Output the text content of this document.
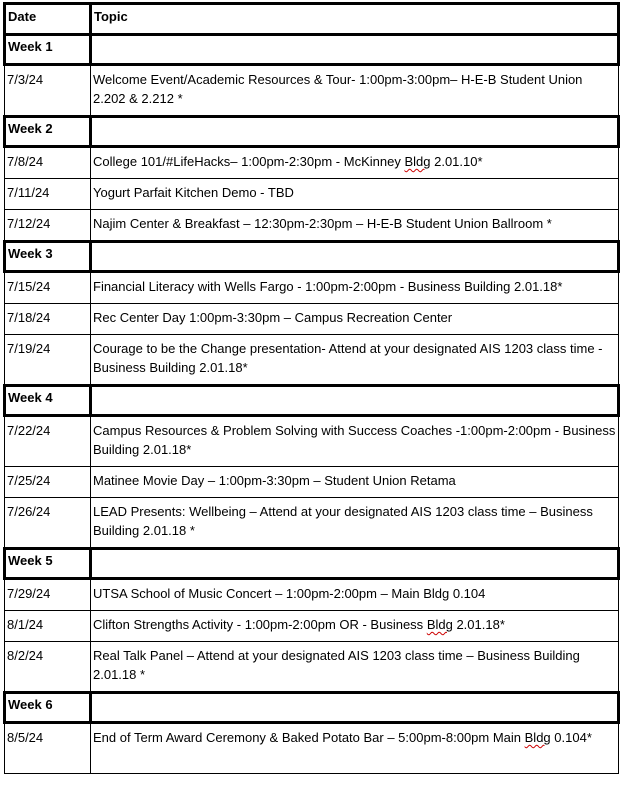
Date	Topic
Week 1	
7/3/24	Welcome Event/Academic Resources & Tour- 1:00pm-3:00pm– H-E-B Student Union 2.202 & 2.212 *
Week 2	
7/8/24	College 101/#LifeHacks– 1:00pm-2:30pm - McKinney Bldg 2.01.10*
7/11/24	Yogurt Parfait Kitchen Demo - TBD
7/12/24	Najim Center & Breakfast – 12:30pm-2:30pm – H-E-B Student Union Ballroom *
Week 3	
7/15/24	Financial Literacy with Wells Fargo - 1:00pm-2:00pm - Business Building 2.01.18*
7/18/24	Rec Center Day 1:00pm-3:30pm – Campus Recreation Center
7/19/24	Courage to be the Change presentation- Attend at your designated AIS 1203 class time - Business Building 2.01.18*
Week 4	
7/22/24	Campus Resources & Problem Solving with Success Coaches -1:00pm-2:00pm - Business Building 2.01.18*
7/25/24	Matinee Movie Day – 1:00pm-3:30pm – Student Union Retama
7/26/24	LEAD Presents: Wellbeing – Attend at your designated AIS 1203 class time – Business Building 2.01.18 *
Week 5	
7/29/24	UTSA School of Music Concert – 1:00pm-2:00pm – Main Bldg 0.104
8/1/24	Clifton Strengths Activity - 1:00pm-2:00pm OR - Business Bldg 2.01.18*
8/2/24	Real Talk Panel – Attend at your designated AIS 1203 class time – Business Building 2.01.18 *
Week 6	
8/5/24	End of Term Award Ceremony & Baked Potato Bar – 5:00pm-8:00pm Main Bldg 0.104*
